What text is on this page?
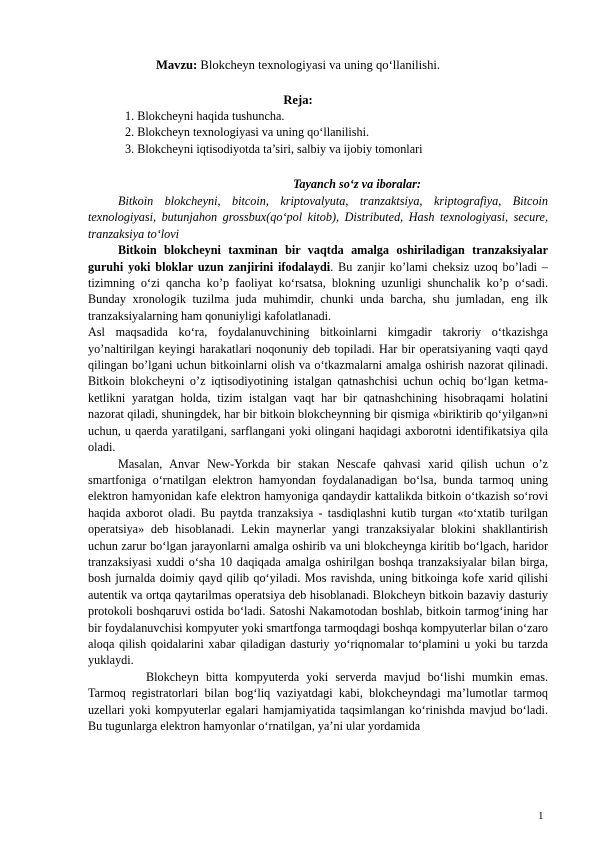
Mavzu: Blokcheyn texnologiyasi va uning qo‘llanilishi.
Reja:
1. Blokcheyni haqida tushuncha.
2. Blokcheyn texnologiyasi va uning qo‘llanilishi.
3. Blokcheyni iqtisodiyotda ta’siri, salbiy va ijobiy tomonlari
Tayanch so‘z va iboralar:

Bitkoin blokcheyni, bitcoin, kriptovalyuta, tranzaktsiya, kriptografiya, Bitcoin texnologiyasi, butunjahon grossbux(qo‘pol kitob), Distributed, Hash texnologiyasi, secure, tranzaksiya to‘lovi

Bitkoin blokcheyni taxminan bir vaqtda amalga oshiriladigan tranzaksiyalar guruhi yoki bloklar uzun zanjirini ifodalaydi. Bu zanjir ko’lami cheksiz uzoq bo’ladi – tizimning o‘zi qancha ko’p faoliyat ko‘rsatsa, blokning uzunligi shunchalik ko’p o‘sadi. Bunday xronologik tuzilma juda muhimdir, chunki unda barcha, shu jumladan, eng ilk tranzaksiyalarning ham qonuniyligi kafolatlanadi.

Asl maqsadida ko‘ra, foydalanuvchining bitkoinlarni kimgadir takroriy o‘tkazishga yo’naltirilgan keyingi harakatlari noqonuniy deb topiladi. Har bir operatsiyaning vaqti qayd qilingan bo’lgani uchun bitkoinlarni olish va o‘tkazmalarni amalga oshirish nazorat qilinadi. Bitkoin blokcheyni o’z iqtisodiyotining istalgan qatnashchisi uchun ochiq bo‘lgan ketma-ketlikni yaratgan holda, tizim istalgan vaqt har bir qatnashchining hisobraqami holatini nazorat qiladi, shuningdek, har bir bitkoin blokcheynning bir qismiga «biriktirib qo‘yilgan»ni uchun, u qaerda yaratilgani, sarflangani yoki olingani haqidagi axborotni identifikatsiya qila oladi.

Masalan, Anvar New-Yorkda bir stakan Nescafe qahvasi xarid qilish uchun o’z smartfoniga o‘rnatilgan elektron hamyondan foydalanadigan bo‘lsa, bunda tarmoq uning elektron hamyonidan kafe elektron hamyoniga qandaydir kattalikda bitkoin o‘tkazish so‘rovi haqida axborot oladi. Bu paytda tranzaksiya - tasdiqlashni kutib turgan «to‘xtatib turilgan operatsiya» deb hisoblanadi. Lekin maynerlar yangi tranzaksiyalar blokini shakllantirish uchun zarur bo‘lgan jarayonlarni amalga oshirib va uni blokcheynga kiritib bo‘lgach, haridor tranzaksiyasi xuddi o‘sha 10 daqiqada amalga oshirilgan boshqa tranzaksiyalar bilan birga, bosh jurnalda doimiy qayd qilib qo‘yiladi. Mos ravishda, uning bitkoinga kofe xarid qilishi autentik va ortqa qaytarilmas operatsiya deb hisoblanadi. Blokcheyn bitkoin bazaviy dasturiy protokoli boshqaruvi ostida bo‘ladi. Satoshi Nakamotodan boshlab, bitkoin tarmog‘ining har bir foydalanuvchisi kompyuter yoki smartfonga tarmoqdagi boshqa kompyuterlar bilan o‘zaro aloqa qilish qoidalarini xabar qiladigan dasturiy yo‘riqnomalar to‘plamini u yoki bu tarzda yuklaydi.

Blokcheyn bitta kompyuterda yoki serverda mavjud bo‘lishi mumkin emas. Tarmoq registratorlari bilan bog‘liq vaziyatdagi kabi, blokcheyndagi ma’lumotlar tarmoq uzellari yoki kompyuterlar egalari hamjamiyatida taqsimlangan ko‘rinishda mavjud bo‘ladi. Bu tugunlarga elektron hamyonlar o‘rnatilgan, ya’ni ular yordamida

1
